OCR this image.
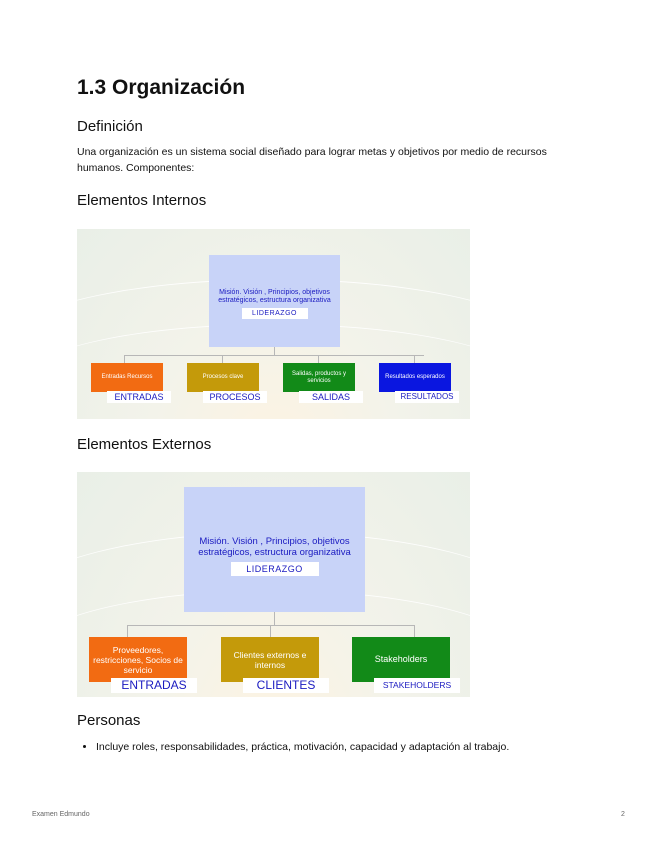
1.3 Organización
Definición

Una organización es un sistema social diseñado para lograr metas y objetivos por medio de recursos humanos. Componentes:

Elementos Internos
Misión. Visión , Principios, objetivos estratégicos, estructura organizativa
LIDERAZGO
Entradas Recursos	Procesos clave
Salidas, productos y servicios
Resultados esperados
ENTRADAS	PROCESOS	SALIDAS	RESULTADOS
Elementos Externos
Misión. Visión , Principios, objetivos estratégicos, estructura organizativa
LIDERAZGO
Proveedores, restricciones, Socios de servicio
Clientes externos e internos
Stakeholders
ENTRADAS	CLIENTES	STAKEHOLDERS
Personas
• Incluye roles, responsabilidades, práctica, motivación, capacidad y adaptación al trabajo.
Examen Edmundo	2
